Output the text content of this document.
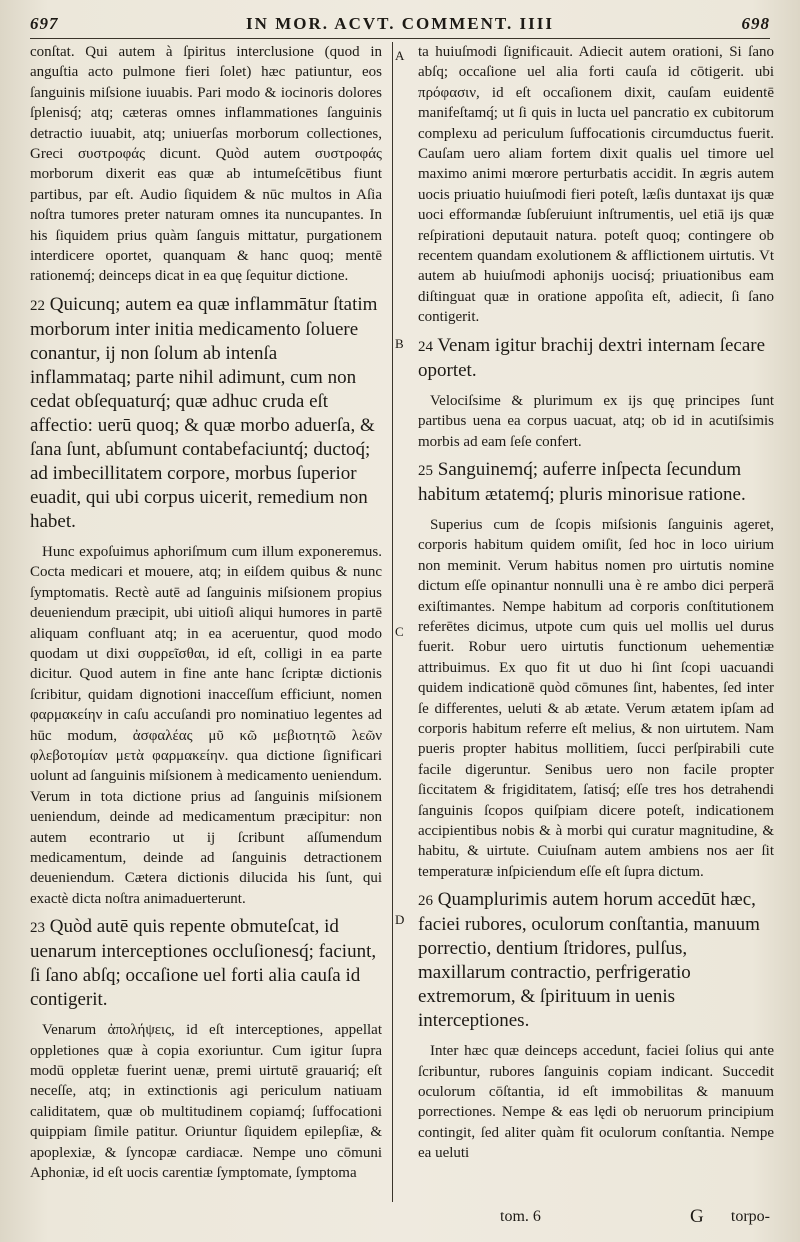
697	IN MOR. ACVT. COMMENT. IIII	698

conſtat. Qui autem à ſpiritus interclusione (quod in anguſtia acto pulmone fieri ſolet) hæc patiuntur, eos ſanguinis miſsione iuuabis. Pari modo & iocinoris dolores ſplenisq́; atq; cæteras omnes inflammationes ſanguinis detractio iuuabit, atq; uniuerſas morborum collectiones, Greci συστροφάς dicunt. Quòd autem συστροφάς morborum dixerit eas quæ ab intumeſcētibus fiunt partibus, par eſt. Audio ſiquidem & nūc multos in Aſia noſtra tumores preter naturam omnes ita nuncupantes. In his ſiquidem prius quàm ſanguis mittatur, purgationem interdicere oportet, quanquam & hanc quoq; mentē rationemq́; deinceps dicat in ea quę ſequitur dictione.

22 Quicunq; autem ea quæ inflammātur ſtatim morborum inter initia medicamento ſoluere conantur, ij non ſolum ab intenſa inflammataq; parte nihil adimunt, cum non cedat obſequaturq́; quæ adhuc cruda eſt affectio: uerū quoq; & quæ morbo aduerſa, & ſana ſunt, abſumunt contabefaciuntq́; ductoq́; ad imbecillitatem corpore, morbus ſuperior euadit, qui ubi corpus uicerit, remedium non habet.

Hunc expoſuimus aphoriſmum cum illum exponeremus. Cocta medicari et mouere, atq; in eiſdem quibus & nunc ſymptomatis. Rectè autē ad ſanguinis miſsionem propius deueniendum præcipit, ubi uitioſi aliqui humores in partē aliquam confluant atq; in ea aceruentur, quod modo quodam ut dixi συρρεῖσθαι, id eſt, colligi in ea parte dicitur. Quod autem in fine ante hanc ſcriptæ dictionis ſcribitur, quidam dignotioni inacceſſum efficiunt, nomen φαρμακείην in caſu accuſandi pro nominatiuo legentes ad hūc modum, ἀσφαλέας μῦ κῶ μεβιοτητῶ λεῶν φλεβοτομίαν μετὰ φαρμακείην. qua dictione ſignificari uolunt ad ſanguinis miſsionem à medicamento ueniendum. Verum in tota dictione prius ad ſanguinis miſsionem ueniendum, deinde ad medicamentum præcipitur: non autem econtrario ut ij ſcribunt aſſumendum medicamentum, deinde ad ſanguinis detractionem deueniendum. Cætera dictionis dilucida his ſunt, qui exactè dicta noſtra animaduerterunt.

23 Quòd autē quis repente obmuteſcat, id uenarum interceptiones occluſionesq́; faciunt, ſi ſano abſq; occaſione uel forti alia cauſa id contigerit.

Venarum ἀπολήψεις, id eſt interceptiones, appellat oppletiones quæ à copia exoriuntur. Cum igitur ſupra modū oppletæ fuerint uenæ, premi uirtutē grauariq́; eſt neceſſe, atq; in extinctionis agi periculum natiuam caliditatem, quæ ob multitudinem copiamq́; ſuffocationi quippiam ſimile patitur. Oriuntur ſiquidem epilepſiæ, & apoplexiæ, & ſyncopæ cardiacæ. Nempe uno cōmuni Aphoniæ, id eſt uocis carentiæ ſymptomate, ſymptoma

A
B
C
D

ta huiuſmodi ſignificauit. Adiecit autem orationi, Si ſano abſq; occaſione uel alia forti cauſa id cōtigerit. ubi πρόφασιν, id eſt occaſionem dixit, cauſam euidentē manifeſtamq́; ut ſi quis in lucta uel pancratio ex cubitorum complexu ad periculum ſuffocationis circumductus fuerit. Cauſam uero aliam fortem dixit qualis uel timore uel maximo animi mœrore perturbatis accidit. In ægris autem uocis priuatio huiuſmodi fieri poteſt, læſis duntaxat ijs quæ uoci efformandæ ſubſeruiunt inſtrumentis, uel etiā ijs quæ reſpirationi deputauit natura. poteſt quoq; contingere ob recentem quandam exolutionem & afflictionem uirtutis. Vt autem ab huiuſmodi aphonijs uocisq́; priuationibus eam diſtinguat quæ in oratione appoſita eſt, adiecit, ſi ſano contigerit.

24 Venam igitur brachij dextri internam ſecare oportet.

Velociſsime & plurimum ex ijs quę principes ſunt partibus uena ea corpus uacuat, atq; ob id in acutiſsimis morbis ad eam ſeſe confert.

25 Sanguinemq́; auferre inſpecta ſecundum habitum ætatemq́; pluris minorisue ratione.

Superius cum de ſcopis miſsionis ſanguinis ageret, corporis habitum quidem omiſit, ſed hoc in loco uirium non meminit. Verum habitus nomen pro uirtutis nomine dictum eſſe opinantur nonnulli una è re ambo dici perperā exiſtimantes. Nempe habitum ad corporis conſtitutionem referētes dicimus, utpote cum quis uel mollis uel durus fuerit. Robur uero uirtutis functionum uehementiæ attribuimus. Ex quo fit ut duo hi ſint ſcopi uacuandi quidem indicationē quòd cōmunes ſint, habentes, ſed inter ſe differentes, ueluti & ab ætate. Verum ætatem ipſam ad corporis habitum referre eſt melius, & non uirtutem. Nam pueris propter habitus mollitiem, ſucci perſpirabili cute facile digeruntur. Senibus uero non facile propter ſiccitatem & frigiditatem, ſatisq́; eſſe tres hos detrahendi ſanguinis ſcopos quiſpiam dicere poteſt, indicationem accipientibus nobis & à morbi qui curatur magnitudine, & habitu, & uirtute. Cuiuſnam autem ambiens nos aer ſit temperaturæ inſpiciendum eſſe eſt ſupra dictum.

26 Quamplurimis autem horum accedūt hæc, faciei rubores, oculorum conſtantia, manuum porrectio, dentium ſtridores, pulſus, maxillarum contractio, perfrigeratio extremorum, & ſpirituum in uenis interceptiones.

Inter hæc quæ deinceps accedunt, faciei ſolius qui ante ſcribuntur, rubores ſanguinis copiam indicant. Succedit oculorum cōſtantia, id eſt immobilitas & manuum porrectiones. Nempe & eas lędi ob neruorum principium contingit, ſed aliter quàm fit oculorum conſtantia. Nempe ea ueluti

tom. 6	G torpo-
